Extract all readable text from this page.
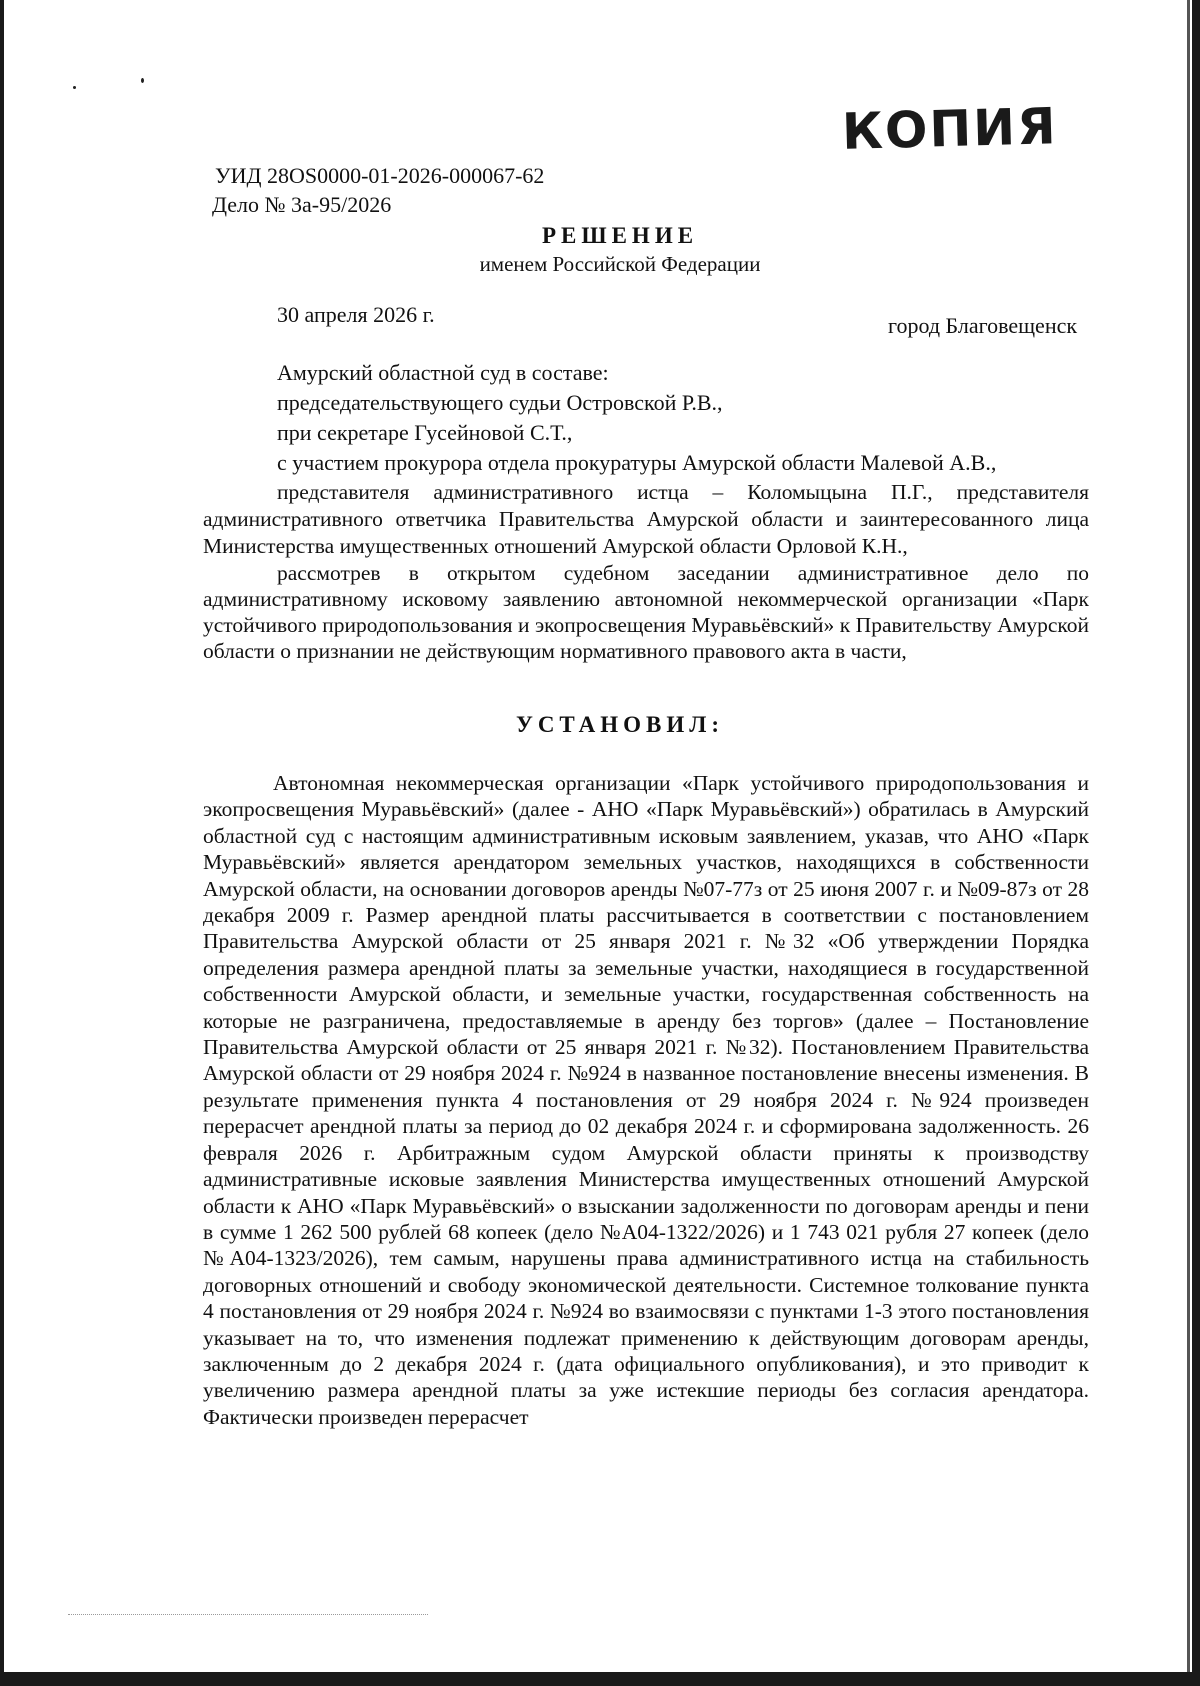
КОПИЯ
УИД 28OS0000-01-2026-000067-62
Дело № 3а-95/2026
РЕШЕНИЕ
именем Российской Федерации
30 апреля 2026 г.	город Благовещенск
Амурский областной суд в составе:
председательствующего судьи Островской Р.В.,
при секретаре Гусейновой С.Т.,
с участием прокурора отдела прокуратуры Амурской области Малевой А.В.,
представителя административного истца – Коломыцына П.Г., представителя административного ответчика Правительства Амурской области и заинтересованного лица Министерства имущественных отношений Амурской области Орловой К.Н.,
рассмотрев в открытом судебном заседании административное дело по административному исковому заявлению автономной некоммерческой организации «Парк устойчивого природопользования и экопросвещения Муравьёвский» к Правительству Амурской области о признании не действующим нормативного правового акта в части,
УСТАНОВИЛ:
Автономная некоммерческая организации «Парк устойчивого природопользования и экопросвещения Муравьёвский» (далее - АНО «Парк Муравьёвский») обратилась в Амурский областной суд с настоящим административным исковым заявлением, указав, что АНО «Парк Муравьёвский» является арендатором земельных участков, находящихся в собственности Амурской области, на основании договоров аренды №07-77з от 25 июня 2007 г. и №09-87з от 28 декабря 2009 г. Размер арендной платы рассчитывается в соответствии с постановлением Правительства Амурской области от 25 января 2021 г. №32 «Об утверждении Порядка определения размера арендной платы за земельные участки, находящиеся в государственной собственности Амурской области, и земельные участки, государственная собственность на которые не разграничена, предоставляемые в аренду без торгов» (далее – Постановление Правительства Амурской области от 25 января 2021 г. №32). Постановлением Правительства Амурской области от 29 ноября 2024 г. №924 в названное постановление внесены изменения. В результате применения пункта 4 постановления от 29 ноября 2024 г. №924 произведен перерасчет арендной платы за период до 02 декабря 2024 г. и сформирована задолженность. 26 февраля 2026 г. Арбитражным судом Амурской области приняты к производству административные исковые заявления Министерства имущественных отношений Амурской области к АНО «Парк Муравьёвский» о взыскании задолженности по договорам аренды и пени в сумме 1 262 500 рублей 68 копеек (дело №А04-1322/2026) и 1 743 021 рубля 27 копеек (дело №А04-1323/2026), тем самым, нарушены права административного истца на стабильность договорных отношений и свободу экономической деятельности. Системное толкование пункта 4 постановления от 29 ноября 2024 г. №924 во взаимосвязи с пунктами 1-3 этого постановления указывает на то, что изменения подлежат применению к действующим договорам аренды, заключенным до 2 декабря 2024 г. (дата официального опубликования), и это приводит к увеличению размера арендной платы за уже истекшие периоды без согласия арендатора. Фактически произведен перерасчет
